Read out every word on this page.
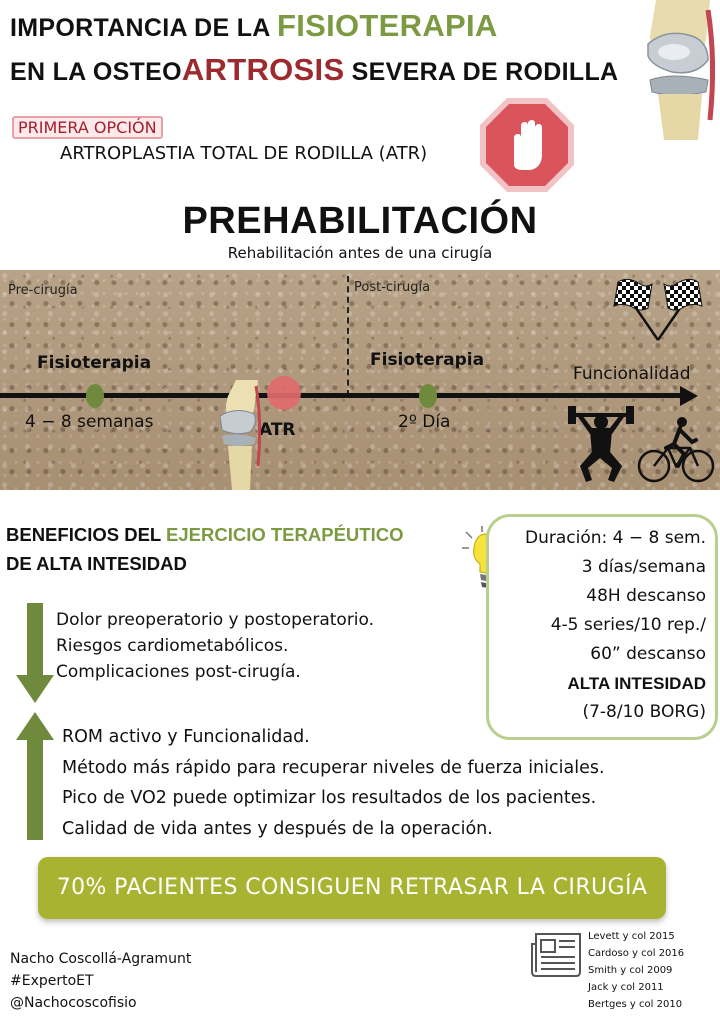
IMPORTANCIA DE LA FISIOTERAPIA
EN LA OSTEOARTROSIS SEVERA DE RODILLA
PRIMERA OPCIÓN
ARTROPLASTIA TOTAL DE RODILLA (ATR)
PREHABILITACIÓN
Rehabilitación antes de una cirugía
Pre-cirugía	Post-cirugía
Fisioterapia
4 − 8 semanas	ATR
Fisioterapia
2º Día
Funcionalidad
BENEFICIOS DEL EJERCICIO TERAPÉUTICO
DE ALTA INTESIDAD
Duración: 4 − 8 sem.
3 días/semana
48H descanso
4-5 series/10 rep./
60” descanso
ALTA INTESIDAD
(7-8/10 BORG)
Dolor preoperatorio y postoperatorio.
Riesgos cardiometabólicos.
Complicaciones post-cirugía.
ROM activo y Funcionalidad.
Método más rápido para recuperar niveles de fuerza iniciales.
Pico de VO2 puede optimizar los resultados de los pacientes.
Calidad de vida antes y después de la operación.
70% PACIENTES CONSIGUEN RETRASAR LA CIRUGÍA
Nacho Coscollá-Agramunt
#ExpertoET
@Nachocoscofisio
Levett y col 2015
Cardoso y col 2016
Smith y col 2009
Jack y col 2011
Bertges y col 2010
